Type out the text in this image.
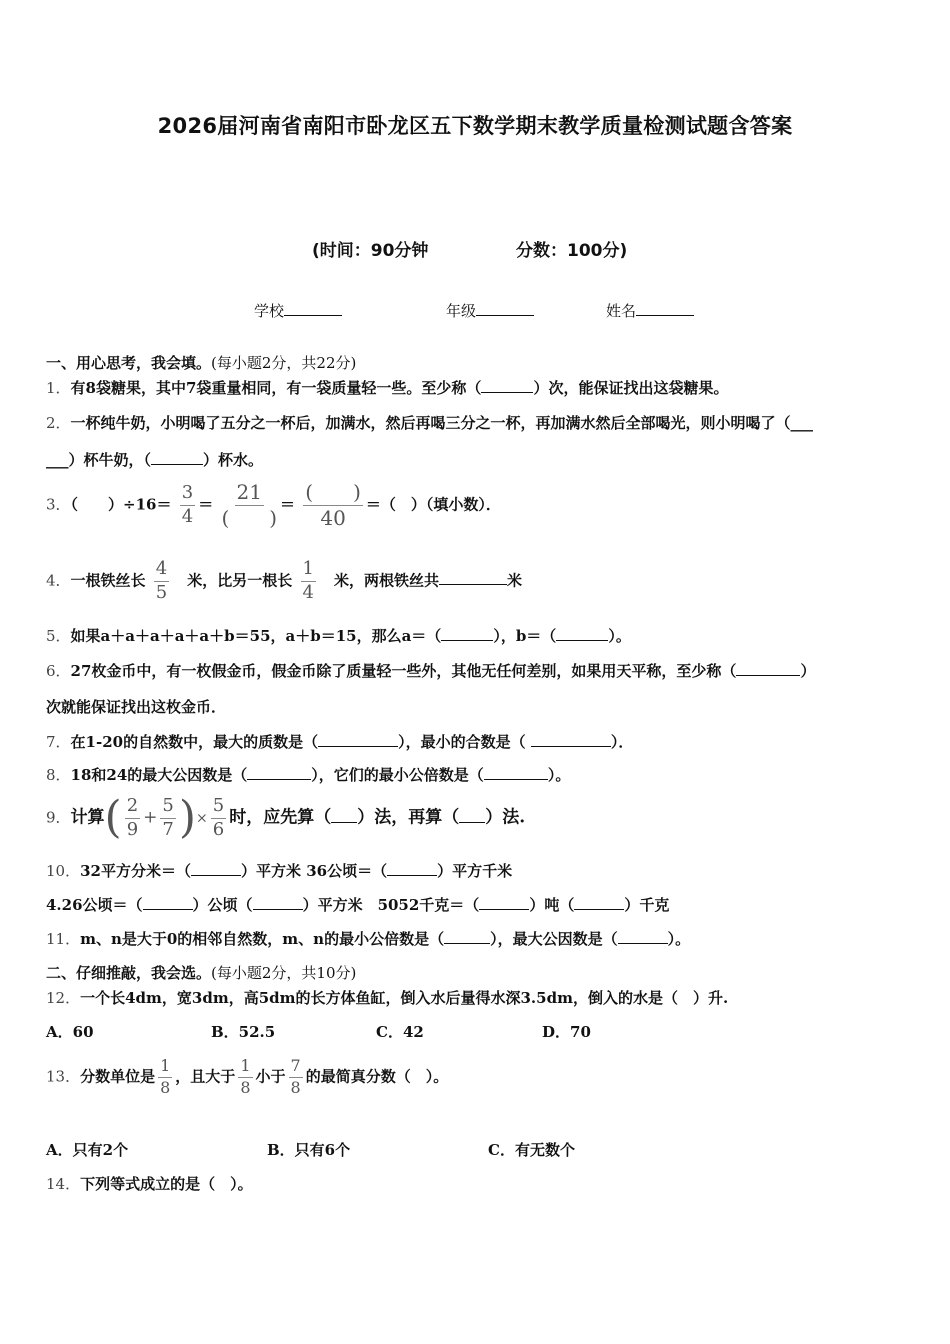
2026届河南省南阳市卧龙区五下数学期末教学质量检测试题含答案
(时间：90分钟	分数：100分)
学校	年级	姓名
一、用心思考，我会填。(每小题2分，共22分)
1．有8袋糖果，其中7袋重量相同，有一袋质量轻一些。至少称（	）次，能保证找出这袋糖果。
2．一杯纯牛奶，小明喝了五分之一杯后，加满水，然后再喝三分之一杯，再加满水然后全部喝光，则小明喝了（___
___）杯牛奶，（	）杯水。
3．（　　）$\div 16= \frac{3}{4} = \frac{21}{( )} = \frac{( )}{40}$ ＝（　）（填小数）．
4．一根铁丝长 $\frac{4}{5}$ 　米，比另一根长 $\frac{1}{4}$ 　米，两根铁丝共	米
5．如果a＋a＋a＋a＋a＋b＝55，a＋b＝15，那么a＝（	），b＝（	）。
6．27枚金币中，有一枚假金币，假金币除了质量轻一些外，其他无任何差别，如果用天平称，至少称（	）
次就能保证找出这枚金币．
7．在1-20的自然数中，最大的质数是（	），最小的合数是（	）．
8．18和24的最大公因数是（	），它们的最小公倍数是（	）。
9．计算( $\frac{2}{9} + \frac{5}{7}$ )× $\frac{5}{6}$ 时，应先算（ ）法，再算（ ）法.
10．32平方分米＝（	）平方米 36公顷＝（	）平方千米
4.26公顷＝（	）公顷（	）平方米　5052千克＝（	）吨（	）千克
11．m、n是大于0的相邻自然数，m、n的最小公倍数是（	），最大公因数是（	）。
二、仔细推敲，我会选。(每小题2分，共10分)
12．一个长4dm，宽3dm，高5dm的长方体鱼缸，倒入水后量得水深3.5dm，倒入的水是（　）升.
A．60	B．52.5	C．42	D．70
13．分数单位是 $\frac{1}{8}$ ，且大于 $\frac{1}{8}$ 小于 $\frac{7}{8}$ 的最简真分数（　）。
A．只有2个	B．只有6个	C．有无数个
14．下列等式成立的是（　）。
